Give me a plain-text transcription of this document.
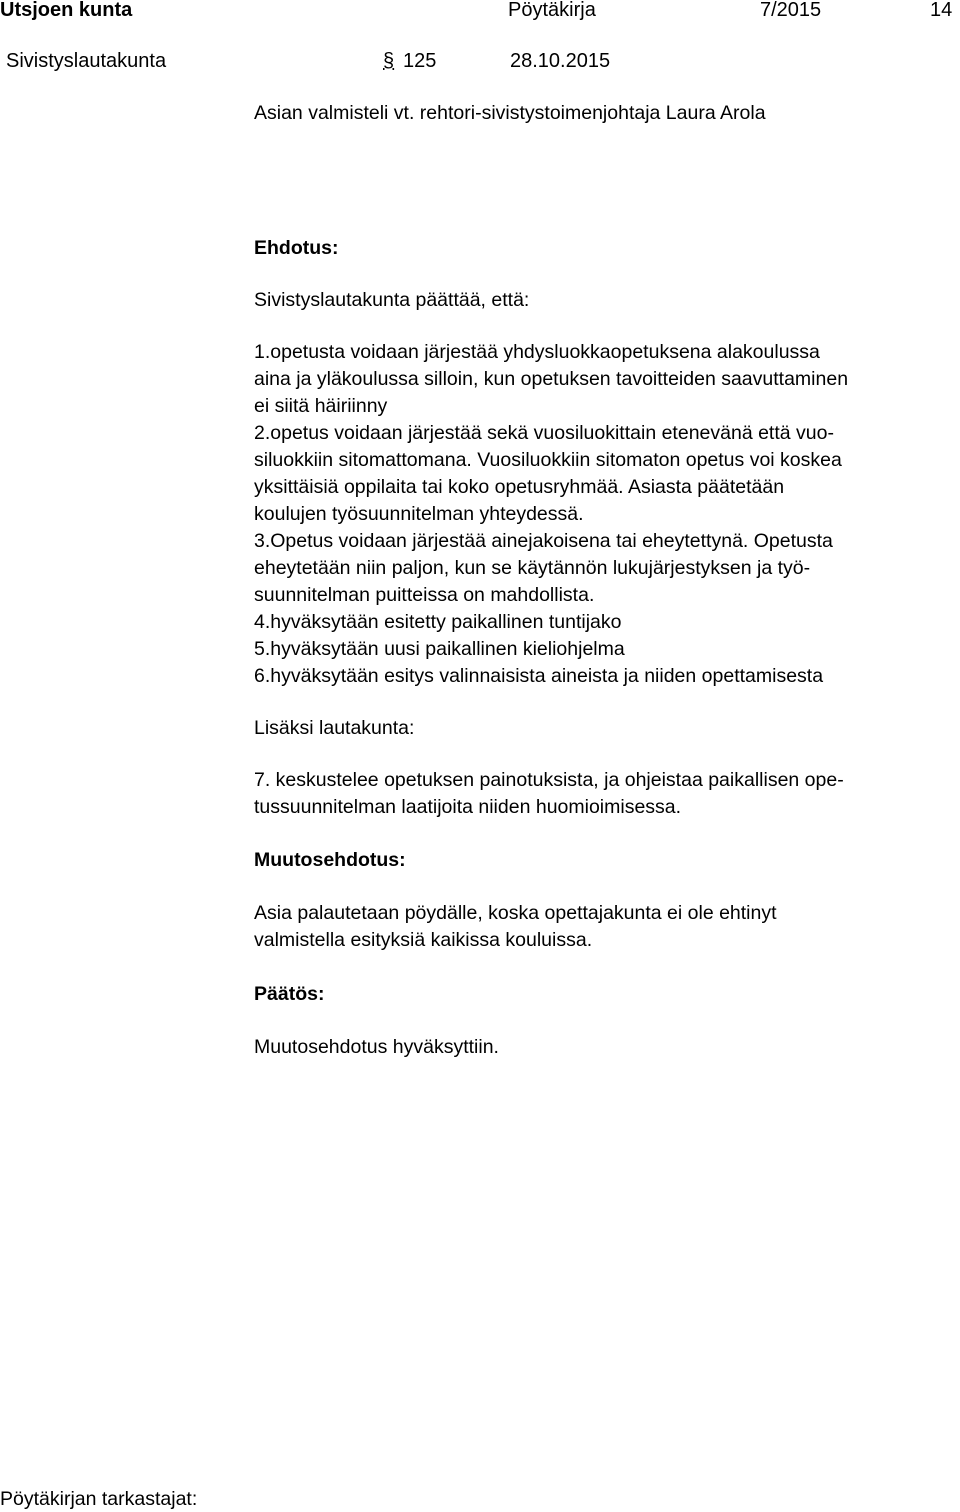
Utsjoen kunta	Pöytäkirja	7/2015	14
Sivistyslautakunta	§ 125	28.10.2015
Asian valmisteli vt. rehtori-sivistystoimenjohtaja Laura Arola
Ehdotus:
Sivistyslautakunta päättää, että:
1.opetusta voidaan järjestää yhdysluokkaopetuksena alakoulussa
aina ja yläkoulussa silloin, kun opetuksen tavoitteiden saavuttaminen
ei siitä häiriinny
2.opetus voidaan järjestää sekä vuosiluokittain etenevänä että vuo-
siluokkiin sitomattomana. Vuosiluokkiin sitomaton opetus voi koskea
yksittäisiä oppilaita tai koko opetusryhmää. Asiasta päätetään
koulujen työsuunnitelman yhteydessä.
3.Opetus voidaan järjestää ainejakoisena tai eheytettynä. Opetusta
eheytetään niin paljon, kun se käytännön lukujärjestyksen ja työ-
suunnitelman puitteissa on mahdollista.
4.hyväksytään esitetty paikallinen tuntijako
5.hyväksytään uusi paikallinen kieliohjelma
6.hyväksytään esitys valinnaisista aineista ja niiden opettamisesta
Lisäksi lautakunta:
7. keskustelee opetuksen painotuksista, ja ohjeistaa paikallisen ope-
tussuunnitelman laatijoita niiden huomioimisessa.
Muutosehdotus:
Asia palautetaan pöydälle, koska opettajakunta ei ole ehtinyt
valmistella esityksiä kaikissa kouluissa.
Päätös:
Muutosehdotus hyväksyttiin.
Pöytäkirjan tarkastajat:
